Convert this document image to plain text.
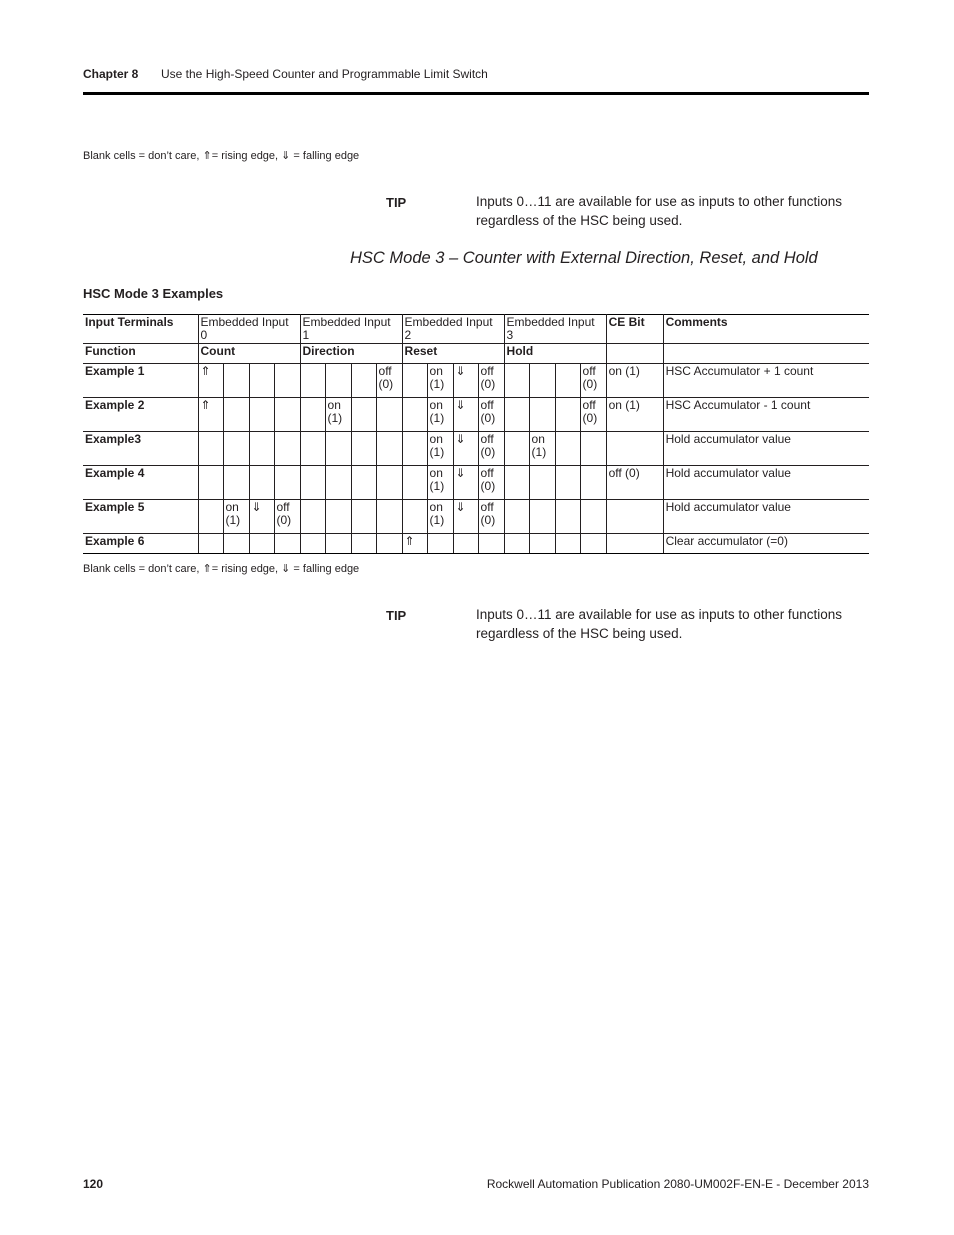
Chapter 8 Use the High-Speed Counter and Programmable Limit Switch
Blank cells = don’t care, ⇑= rising edge, ⇓ = falling edge
TIP	Inputs 0…11 are available for use as inputs to other functions regardless of the HSC being used.
HSC Mode 3 – Counter with External Direction, Reset, and Hold
HSC Mode 3 Examples
Input Terminals	Embedded Input 0				Embedded Input 1				Embedded Input 2				Embedded Input 3				CE Bit	Comments
Function	Count				Direction				Reset				Hold					
Example 1	⇑							off (0)		on (1)	⇓	off (0)				off (0)	on (1)	HSC Accumulator + 1 count
Example 2	⇑					on (1)				on (1)	⇓	off (0)				off (0)	on (1)	HSC Accumulator - 1 count
Example3										on (1)	⇓	off (0)		on (1)				Hold accumulator value
Example 4										on (1)	⇓	off (0)					off (0)	Hold accumulator value
Example 5		on (1)	⇓	off (0)						on (1)	⇓	off (0)						Hold accumulator value
Example 6									⇑									Clear accumulator (=0)
Blank cells = don’t care, ⇑= rising edge, ⇓ = falling edge
TIP	Inputs 0…11 are available for use as inputs to other functions regardless of the HSC being used.
120	Rockwell Automation Publication 2080-UM002F-EN-E - December 2013
